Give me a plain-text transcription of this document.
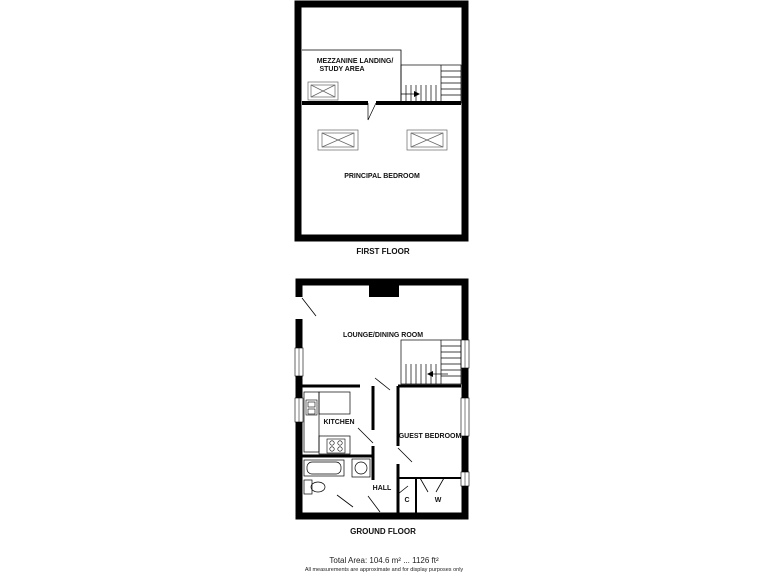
MEZZANINE LANDING/
STUDY AREA
PRINCIPAL BEDROOM
FIRST FLOOR
LOUNGE/DINING ROOM
KITCHEN
GUEST BEDROOM
HALL
C	W
GROUND FLOOR
Total Area: 104.6 m² ... 1126 ft²
All measurements are approximate and for display purposes only
